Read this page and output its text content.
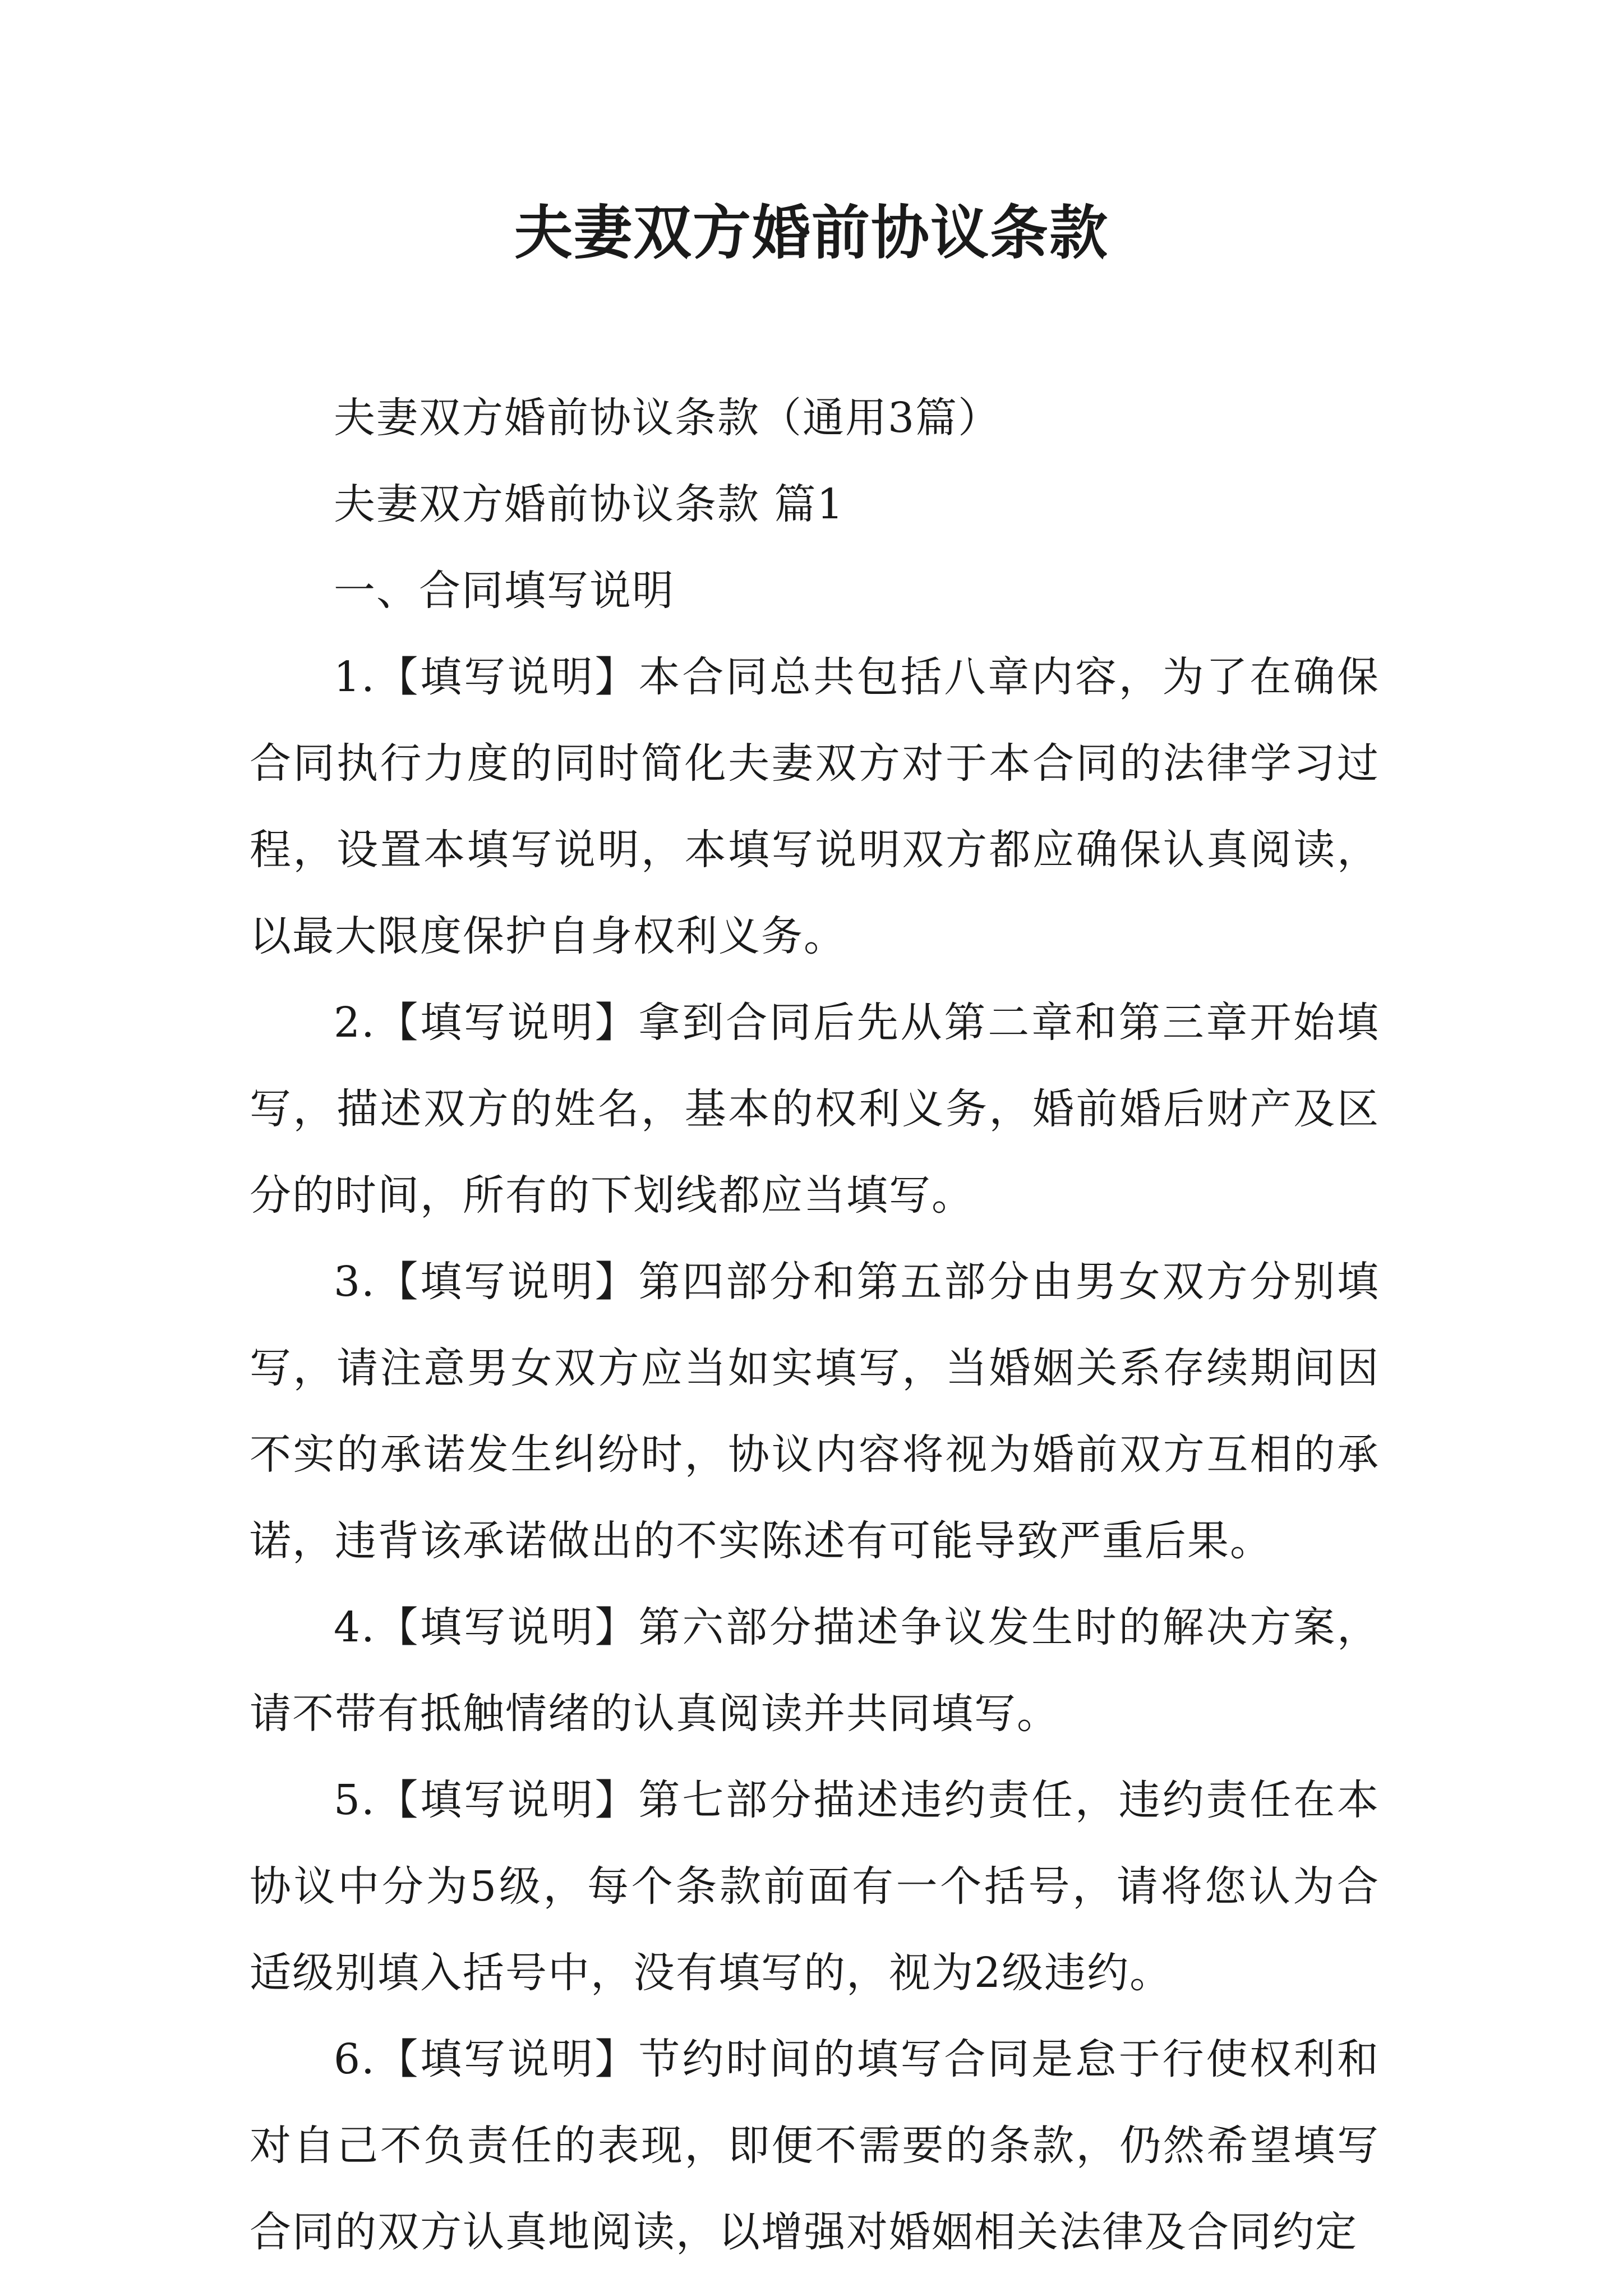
夫妻双方婚前协议条款

夫妻双方婚前协议条款（通用3篇）

夫妻双方婚前协议条款 篇1

一、合同填写说明

1.【填写说明】本合同总共包括八章内容，为了在确保合同执行力度的同时简化夫妻双方对于本合同的法律学习过程，设置本填写说明，本填写说明双方都应确保认真阅读，以最大限度保护自身权利义务。

2.【填写说明】拿到合同后先从第二章和第三章开始填写，描述双方的姓名，基本的权利义务，婚前婚后财产及区分的时间，所有的下划线都应当填写。

3.【填写说明】第四部分和第五部分由男女双方分别填写，请注意男女双方应当如实填写，当婚姻关系存续期间因不实的承诺发生纠纷时，协议内容将视为婚前双方互相的承诺，违背该承诺做出的不实陈述有可能导致严重后果。

4.【填写说明】第六部分描述争议发生时的解决方案，请不带有抵触情绪的认真阅读并共同填写。

5.【填写说明】第七部分描述违约责任，违约责任在本协议中分为5级，每个条款前面有一个括号，请将您认为合适级别填入括号中，没有填写的，视为2级违约。

6.【填写说明】节约时间的填写合同是怠于行使权利和对自己不负责任的表现，即便不需要的条款，仍然希望填写合同的双方认真地阅读，以增强对婚姻相关法律及合同约定
